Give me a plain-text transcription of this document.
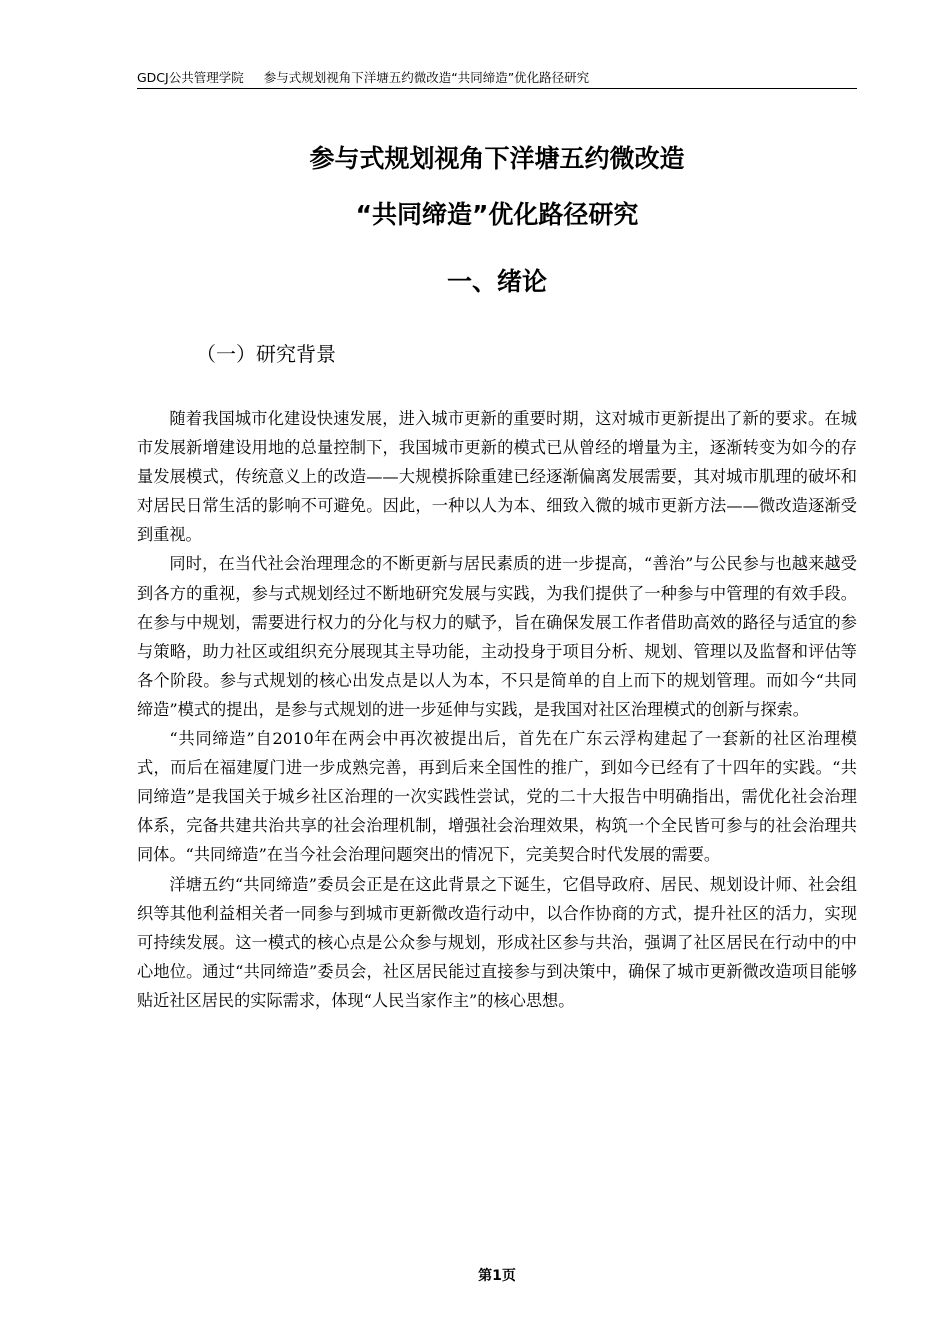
GDCJ公共管理学院 参与式规划视角下洋塘五约微改造“共同缔造”优化路径研究
参与式规划视角下洋塘五约微改造
“共同缔造”优化路径研究
一、绪论
（一）研究背景

随着我国城市化建设快速发展，进入城市更新的重要时期，这对城市更新提出了新的要求。在城市发展新增建设用地的总量控制下，我国城市更新的模式已从曾经的增量为主，逐渐转变为如今的存量发展模式，传统意义上的改造——大规模拆除重建已经逐渐偏离发展需要，其对城市肌理的破坏和对居民日常生活的影响不可避免。因此，一种以人为本、细致入微的城市更新方法——微改造逐渐受到重视。

同时，在当代社会治理理念的不断更新与居民素质的进一步提高，“善治”与公民参与也越来越受到各方的重视，参与式规划经过不断地研究发展与实践，为我们提供了一种参与中管理的有效手段。在参与中规划，需要进行权力的分化与权力的赋予，旨在确保发展工作者借助高效的路径与适宜的参与策略，助力社区或组织充分展现其主导功能，主动投身于项目分析、规划、管理以及监督和评估等各个阶段。参与式规划的核心出发点是以人为本，不只是简单的自上而下的规划管理。而如今“共同缔造”模式的提出，是参与式规划的进一步延伸与实践，是我国对社区治理模式的创新与探索。

“共同缔造”自2010年在两会中再次被提出后，首先在广东云浮构建起了一套新的社区治理模式，而后在福建厦门进一步成熟完善，再到后来全国性的推广，到如今已经有了十四年的实践。“共同缔造”是我国关于城乡社区治理的一次实践性尝试，党的二十大报告中明确指出，需优化社会治理体系，完备共建共治共享的社会治理机制，增强社会治理效果，构筑一个全民皆可参与的社会治理共同体。“共同缔造”在当今社会治理问题突出的情况下，完美契合时代发展的需要。

洋塘五约“共同缔造”委员会正是在这此背景之下诞生，它倡导政府、居民、规划设计师、社会组织等其他利益相关者一同参与到城市更新微改造行动中，以合作协商的方式，提升社区的活力，实现可持续发展。这一模式的核心点是公众参与规划，形成社区参与共治，强调了社区居民在行动中的中心地位。通过“共同缔造”委员会，社区居民能过直接参与到决策中，确保了城市更新微改造项目能够贴近社区居民的实际需求，体现“人民当家作主”的核心思想。

第1页
